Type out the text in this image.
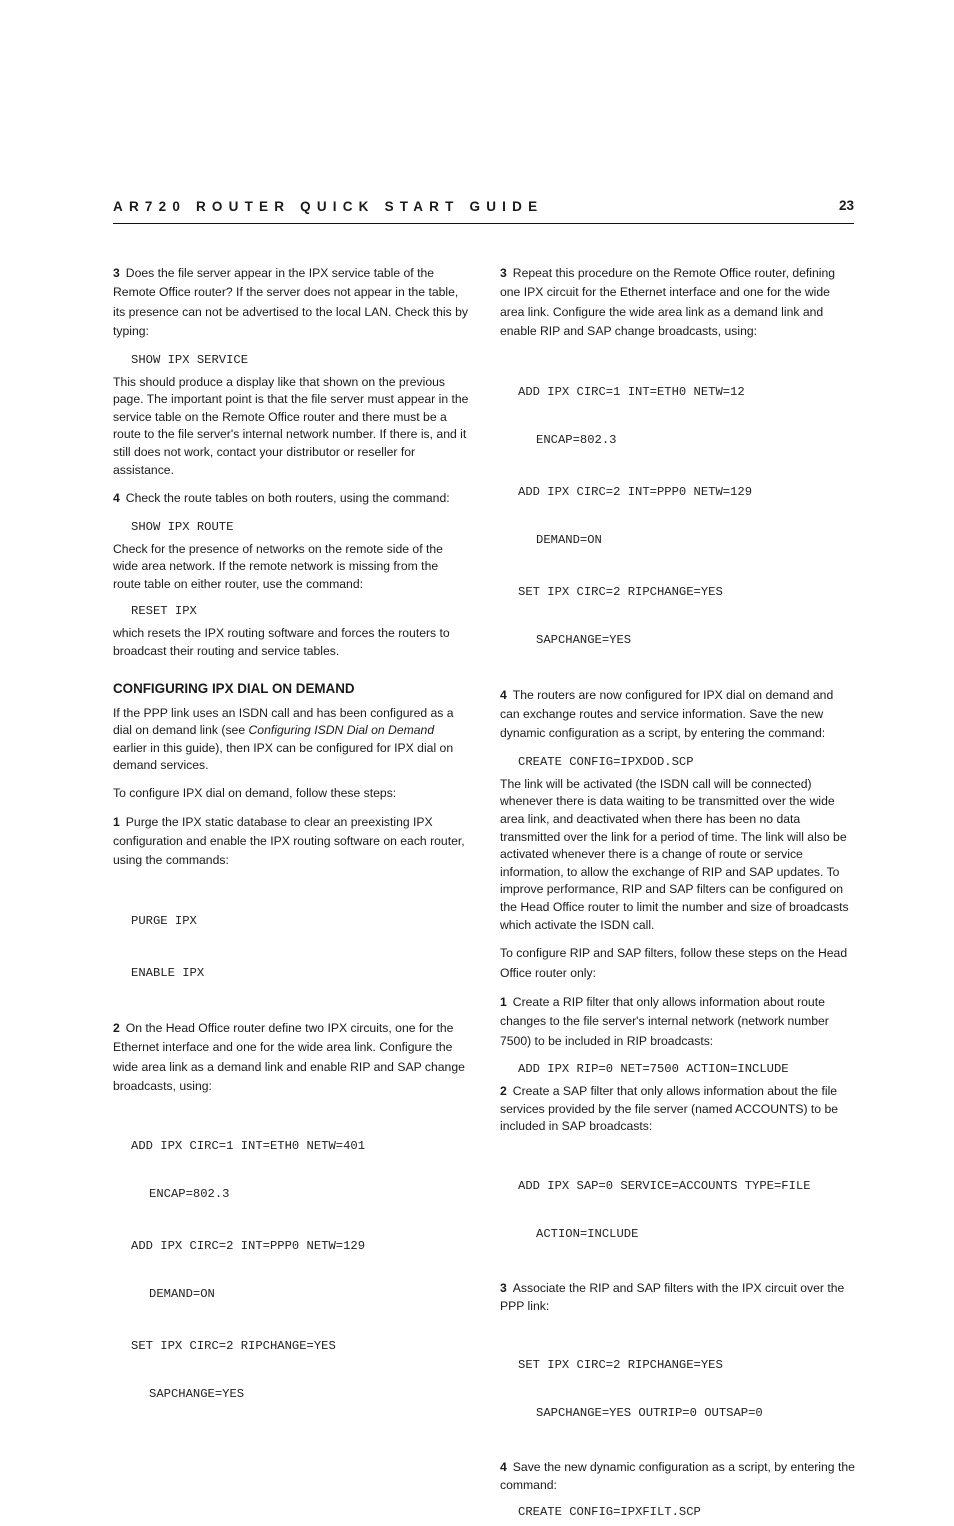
AR720 ROUTER QUICK START GUIDE	23

3 Does the file server appear in the IPX service table of the Remote Office router? If the server does not appear in the table, its presence can not be advertised to the local LAN. Check this by typing:

SHOW IPX SERVICE

This should produce a display like that shown on the previous page. The important point is that the file server must appear in the service table on the Remote Office router and there must be a route to the file server's internal network number. If there is, and it still does not work, contact your distributor or reseller for assistance.

4 Check the route tables on both routers, using the command:

SHOW IPX ROUTE

Check for the presence of networks on the remote side of the wide area network. If the remote network is missing from the route table on either router, use the command:

RESET IPX

which resets the IPX routing software and forces the routers to broadcast their routing and service tables.

CONFIGURING IPX DIAL ON DEMAND

If the PPP link uses an ISDN call and has been configured as a dial on demand link (see Configuring ISDN Dial on Demand earlier in this guide), then IPX can be configured for IPX dial on demand services.

To configure IPX dial on demand, follow these steps:

1 Purge the IPX static database to clear an preexisting IPX configuration and enable the IPX routing software on each router, using the commands:

PURGE IPX

ENABLE IPX

2 On the Head Office router define two IPX circuits, one for the Ethernet interface and one for the wide area link. Configure the wide area link as a demand link and enable RIP and SAP change broadcasts, using:

ADD IPX CIRC=1 INT=ETH0 NETW=401

ENCAP=802.3

ADD IPX CIRC=2 INT=PPP0 NETW=129

DEMAND=ON

SET IPX CIRC=2 RIPCHANGE=YES

SAPCHANGE=YES

3 Repeat this procedure on the Remote Office router, defining one IPX circuit for the Ethernet interface and one for the wide area link. Configure the wide area link as a demand link and enable RIP and SAP change broadcasts, using:

ADD IPX CIRC=1 INT=ETH0 NETW=12

ENCAP=802.3

ADD IPX CIRC=2 INT=PPP0 NETW=129

DEMAND=ON

SET IPX CIRC=2 RIPCHANGE=YES

SAPCHANGE=YES

4 The routers are now configured for IPX dial on demand and can exchange routes and service information. Save the new dynamic configuration as a script, by entering the command:

CREATE CONFIG=IPXDOD.SCP

The link will be activated (the ISDN call will be connected) whenever there is data waiting to be transmitted over the wide area link, and deactivated when there has been no data transmitted over the link for a period of time. The link will also be activated whenever there is a change of route or service information, to allow the exchange of RIP and SAP updates. To improve performance, RIP and SAP filters can be configured on the Head Office router to limit the number and size of broadcasts which activate the ISDN call.

To configure RIP and SAP filters, follow these steps on the Head Office router only:

1 Create a RIP filter that only allows information about route changes to the file server's internal network (network number 7500) to be included in RIP broadcasts:

ADD IPX RIP=0 NET=7500 ACTION=INCLUDE

2 Create a SAP filter that only allows information about the file services provided by the file server (named ACCOUNTS) to be included in SAP broadcasts:

ADD IPX SAP=0 SERVICE=ACCOUNTS TYPE=FILE

ACTION=INCLUDE

3 Associate the RIP and SAP filters with the IPX circuit over the PPP link:

SET IPX CIRC=2 RIPCHANGE=YES

SAPCHANGE=YES OUTRIP=0 OUTSAP=0

4 Save the new dynamic configuration as a script, by entering the command:

CREATE CONFIG=IPXFILT.SCP
